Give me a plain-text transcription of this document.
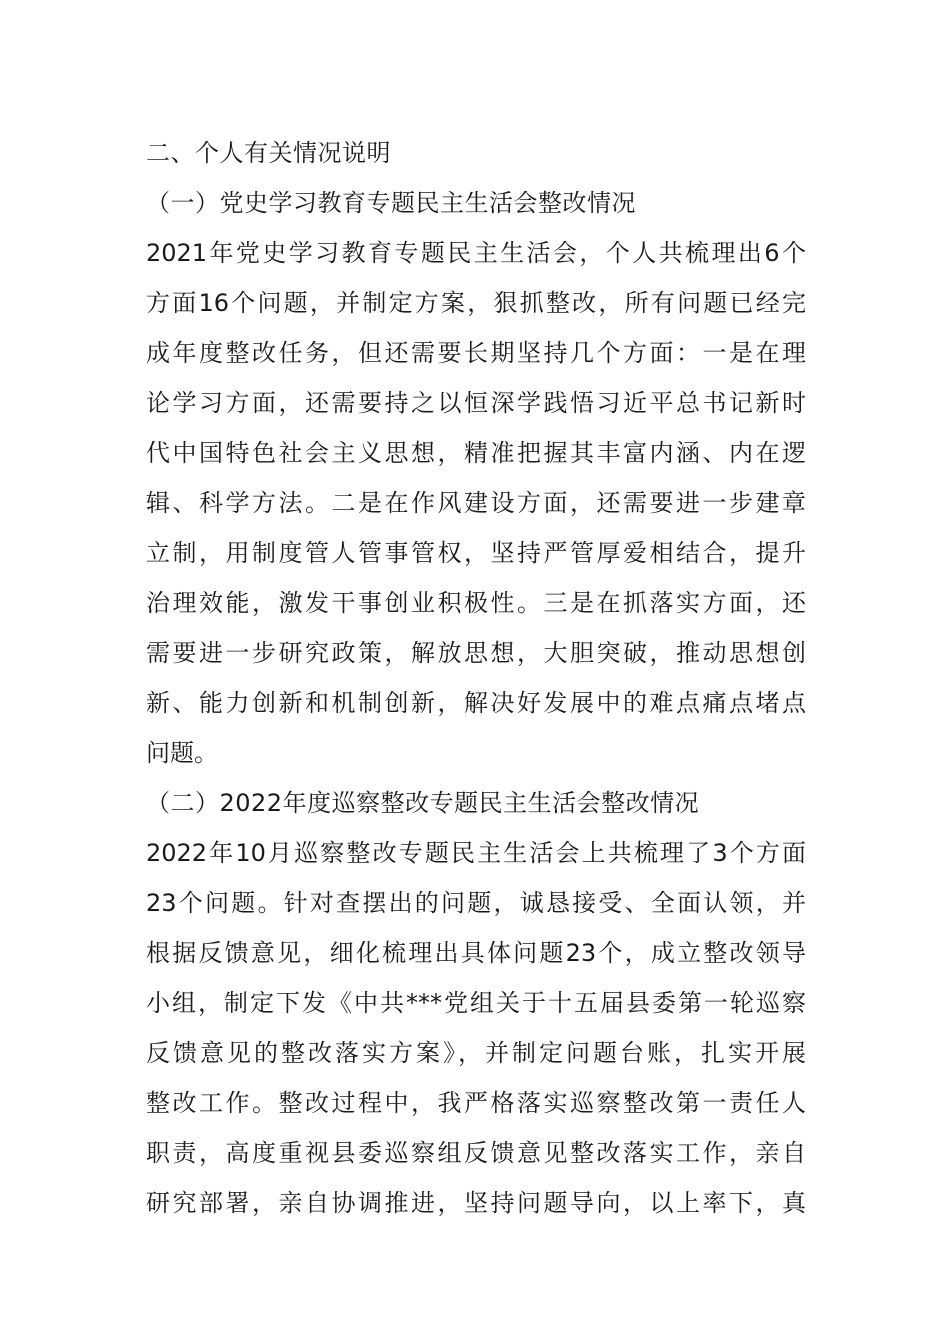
二、个人有关情况说明
（一）党史学习教育专题民主生活会整改情况
2021年党史学习教育专题民主生活会，个人共梳理出6个
方面16个问题，并制定方案，狠抓整改，所有问题已经完
成年度整改任务，但还需要长期坚持几个方面：一是在理
论学习方面，还需要持之以恒深学践悟习近平总书记新时
代中国特色社会主义思想，精准把握其丰富内涵、内在逻
辑、科学方法。二是在作风建设方面，还需要进一步建章
立制，用制度管人管事管权，坚持严管厚爱相结合，提升
治理效能，激发干事创业积极性。三是在抓落实方面，还
需要进一步研究政策，解放思想，大胆突破，推动思想创
新、能力创新和机制创新，解决好发展中的难点痛点堵点
问题。
（二）2022年度巡察整改专题民主生活会整改情况
2022年10月巡察整改专题民主生活会上共梳理了3个方面
23个问题。针对查摆出的问题，诚恳接受、全面认领，并
根据反馈意见，细化梳理出具体问题23个，成立整改领导
小组，制定下发《中共***党组关于十五届县委第一轮巡察
反馈意见的整改落实方案》，并制定问题台账，扎实开展
整改工作。整改过程中，我严格落实巡察整改第一责任人
职责，高度重视县委巡察组反馈意见整改落实工作，亲自
研究部署，亲自协调推进，坚持问题导向，以上率下，真
